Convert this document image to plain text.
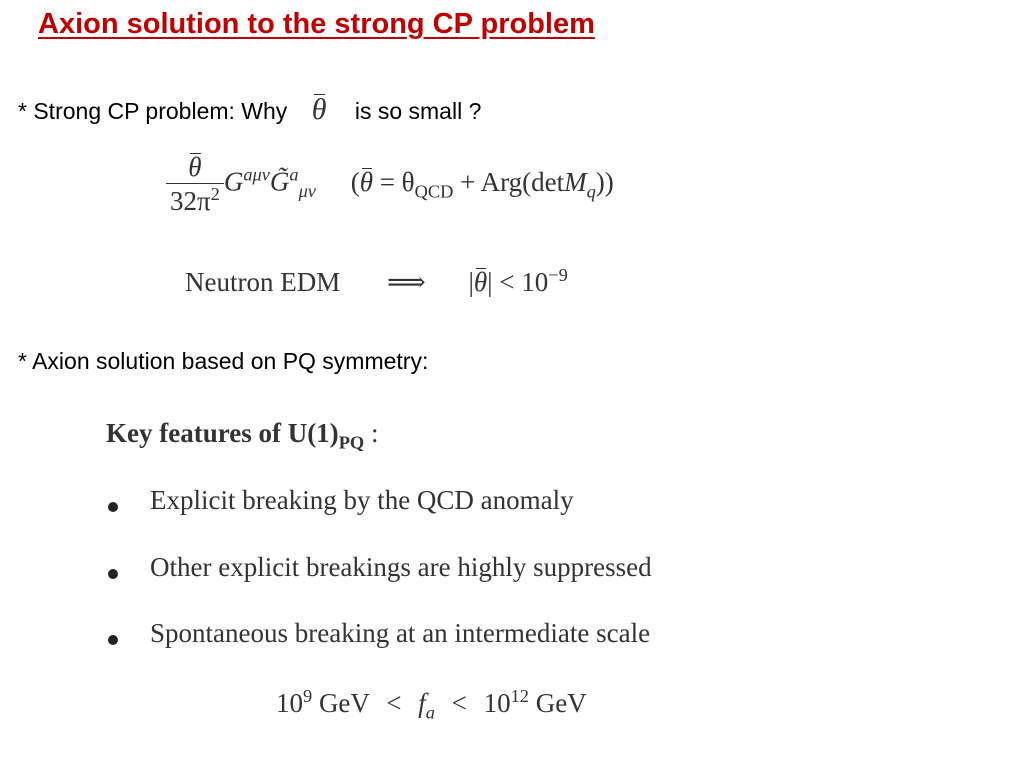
Axion solution to the strong CP problem
* Strong CP problem: Why θ is so small ?
$\frac{\theta}{32\pi^2}$ $G^{a\mu\nu}G̃^a_{\mu\nu}$ $(\theta = \theta_{QCD} + Arg(\det M_q))$
Neutron EDM ⟹ $|\theta| < 10^{-9}$
* Axion solution based on PQ symmetry:
Key features of $U(1)_{PQ}$ :
Explicit breaking by the QCD anomaly
Other explicit breakings are highly suppressed
Spontaneous breaking at an intermediate scale
$10^9$ GeV < $f_a < 10^{12}$ GeV
